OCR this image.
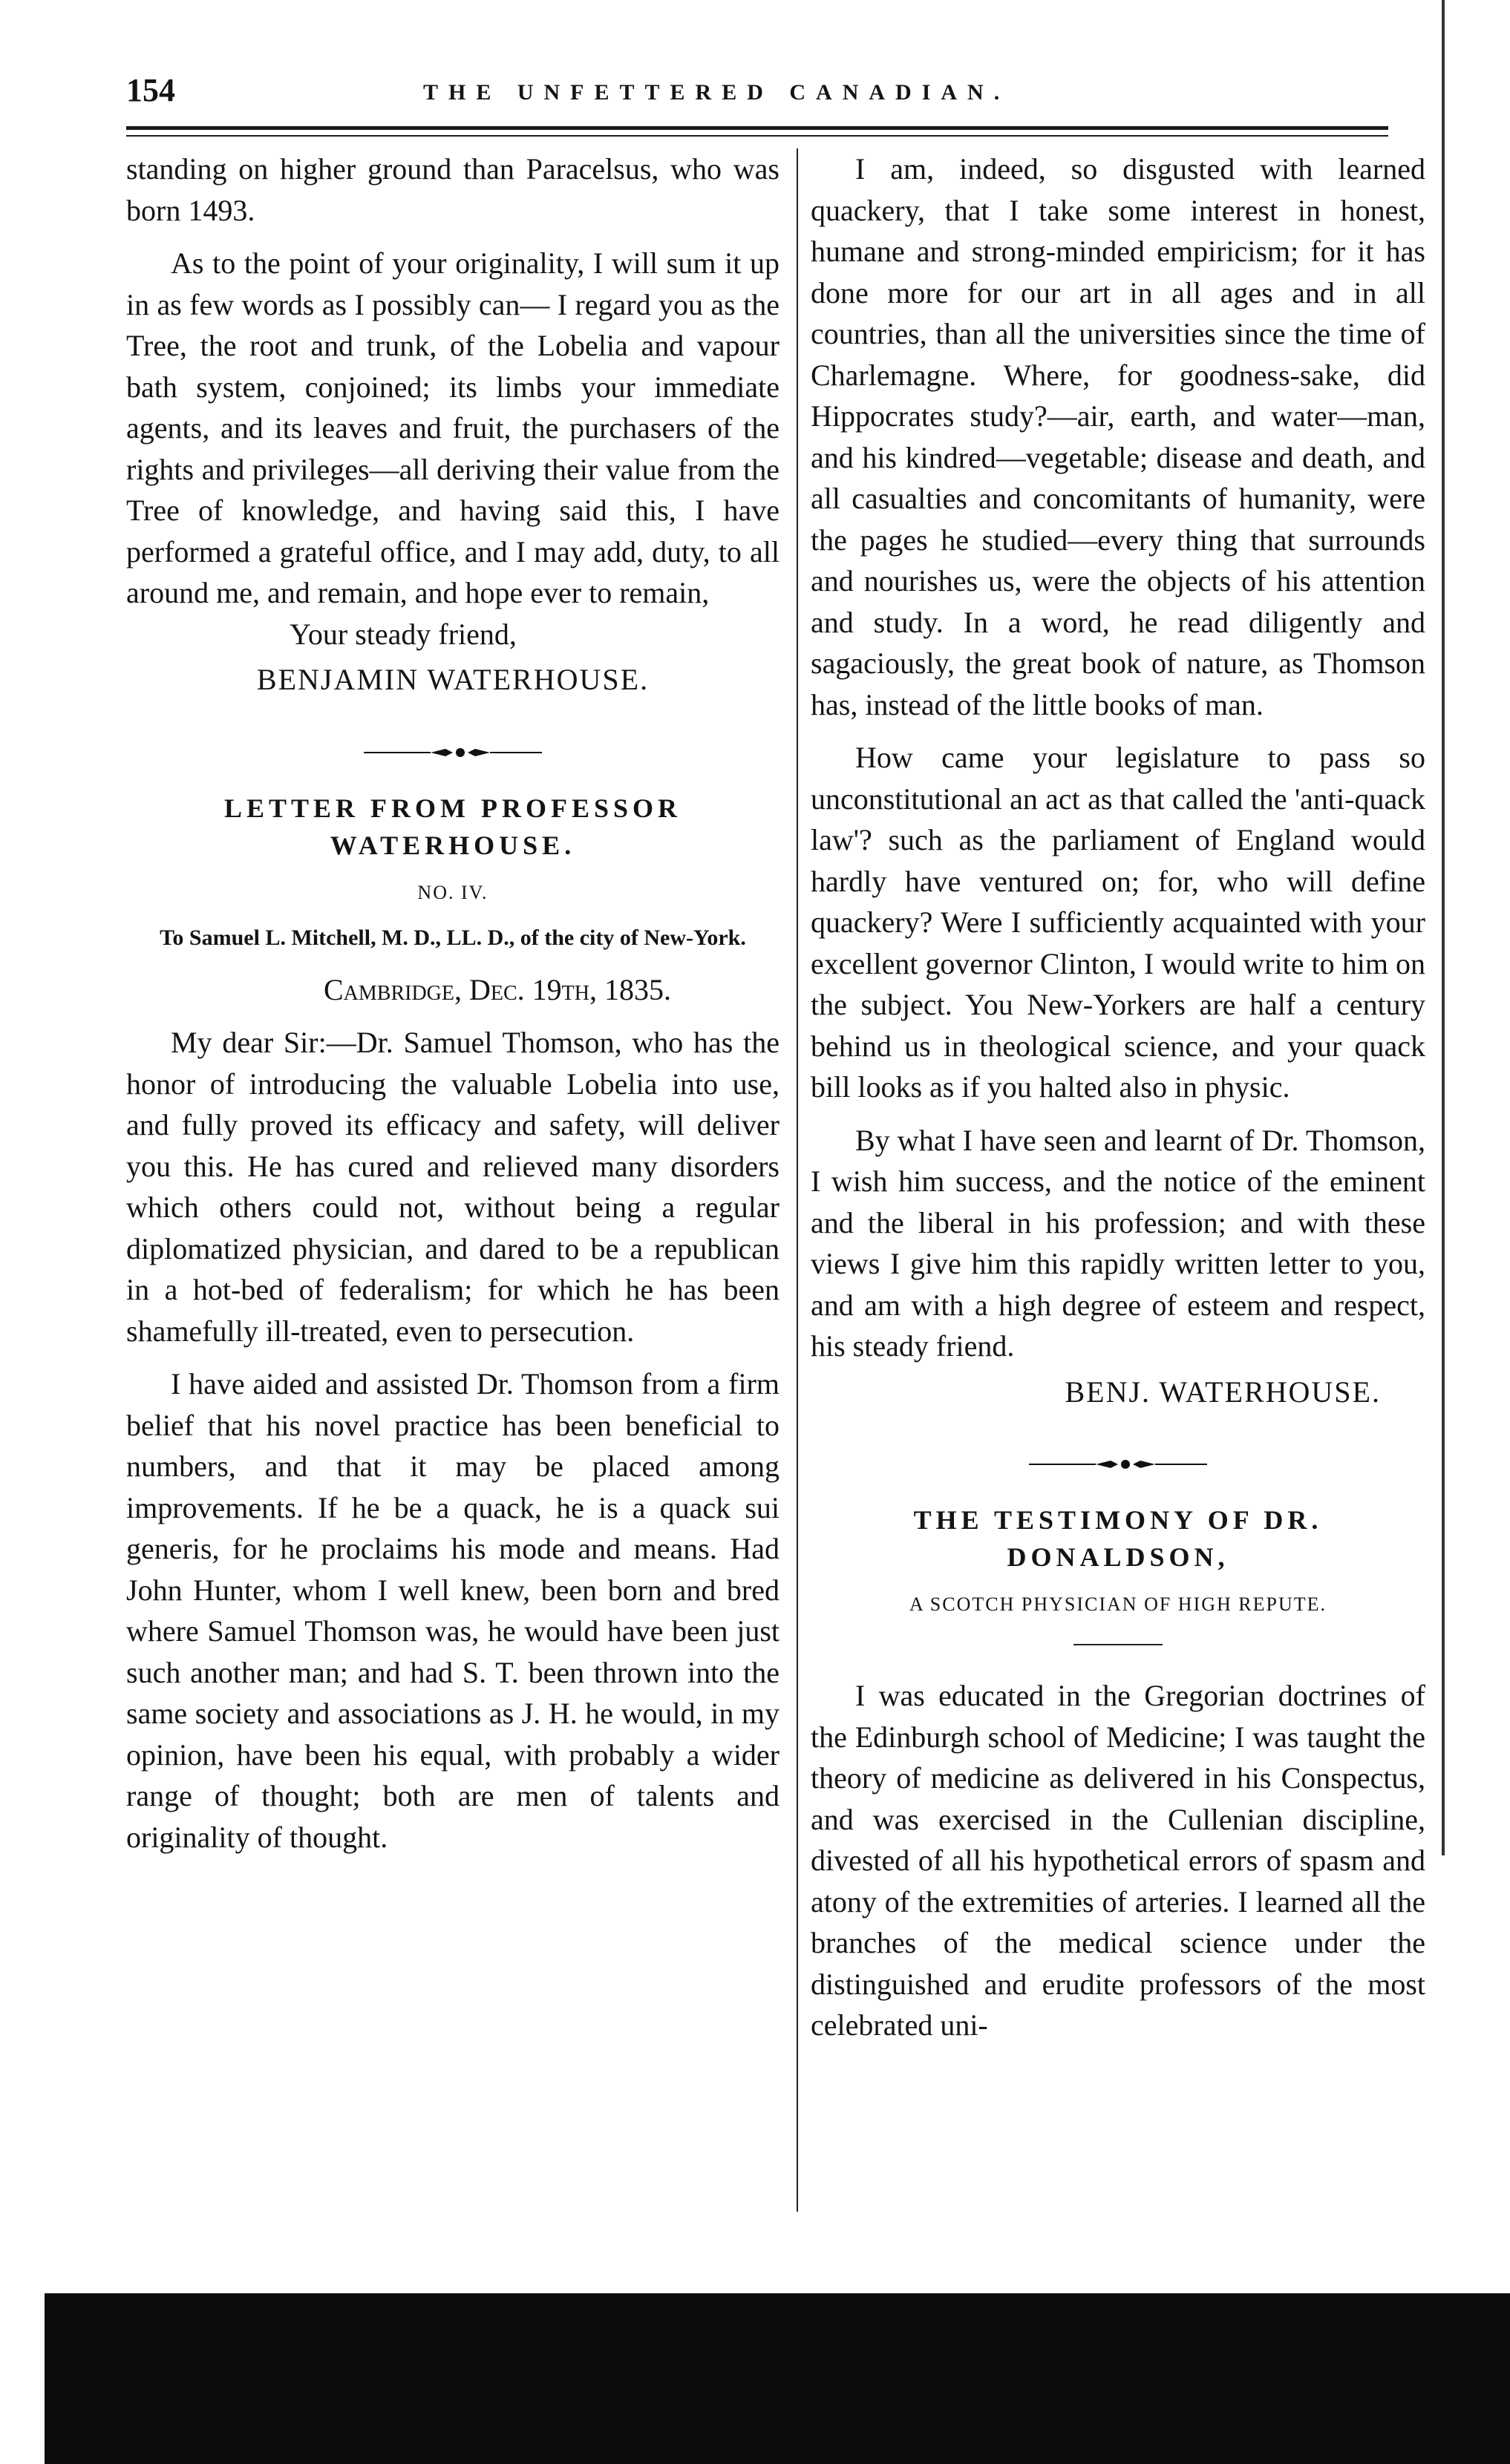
154	THE UNFETTERED CANADIAN.

standing on higher ground than Paracelsus, who was born 1493.

As to the point of your originality, I will sum it up in as few words as I possibly can— I regard you as the Tree, the root and trunk, of the Lobelia and vapour bath system, conjoined; its limbs your immediate agents, and its leaves and fruit, the purchasers of the rights and privileges—all deriving their value from the Tree of knowledge, and having said this, I have performed a grateful office, and I may add, duty, to all around me, and remain, and hope ever to remain,

Your steady friend,

BENJAMIN WATERHOUSE.

LETTER FROM PROFESSOR WATERHOUSE.

NO. IV.

To Samuel L. Mitchell, M. D., LL. D., of the city of New-York.

Cambridge, Dec. 19th, 1835.

My dear Sir:—Dr. Samuel Thomson, who has the honor of introducing the valuable Lobelia into use, and fully proved its efficacy and safety, will deliver you this. He has cured and relieved many disorders which others could not, without being a regular diplomatized physician, and dared to be a republican in a hot-bed of federalism; for which he has been shamefully ill-treated, even to persecution.

I have aided and assisted Dr. Thomson from a firm belief that his novel practice has been beneficial to numbers, and that it may be placed among improvements. If he be a quack, he is a quack sui generis, for he proclaims his mode and means. Had John Hunter, whom I well knew, been born and bred where Samuel Thomson was, he would have been just such another man; and had S. T. been thrown into the same society and associations as J. H. he would, in my opinion, have been his equal, with probably a wider range of thought; both are men of talents and originality of thought.

I am, indeed, so disgusted with learned quackery, that I take some interest in honest, humane and strong-minded empiricism; for it has done more for our art in all ages and in all countries, than all the universities since the time of Charlemagne. Where, for goodness-sake, did Hippocrates study?—air, earth, and water—man, and his kindred—vegetable; disease and death, and all casualties and concomitants of humanity, were the pages he studied—every thing that surrounds and nourishes us, were the objects of his attention and study. In a word, he read diligently and sagaciously, the great book of nature, as Thomson has, instead of the little books of man.

How came your legislature to pass so unconstitutional an act as that called the 'anti-quack law'? such as the parliament of England would hardly have ventured on; for, who will define quackery? Were I sufficiently acquainted with your excellent governor Clinton, I would write to him on the subject. You New-Yorkers are half a century behind us in theological science, and your quack bill looks as if you halted also in physic.

By what I have seen and learnt of Dr. Thomson, I wish him success, and the notice of the eminent and the liberal in his profession; and with these views I give him this rapidly written letter to you, and am with a high degree of esteem and respect, his steady friend.

BENJ. WATERHOUSE.

THE TESTIMONY OF DR. DONALDSON,

A SCOTCH PHYSICIAN OF HIGH REPUTE.

I was educated in the Gregorian doctrines of the Edinburgh school of Medicine; I was taught the theory of medicine as delivered in his Conspectus, and was exercised in the Cullenian discipline, divested of all his hypothetical errors of spasm and atony of the extremities of arteries. I learned all the branches of the medical science under the distinguished and erudite professors of the most celebrated uni-
